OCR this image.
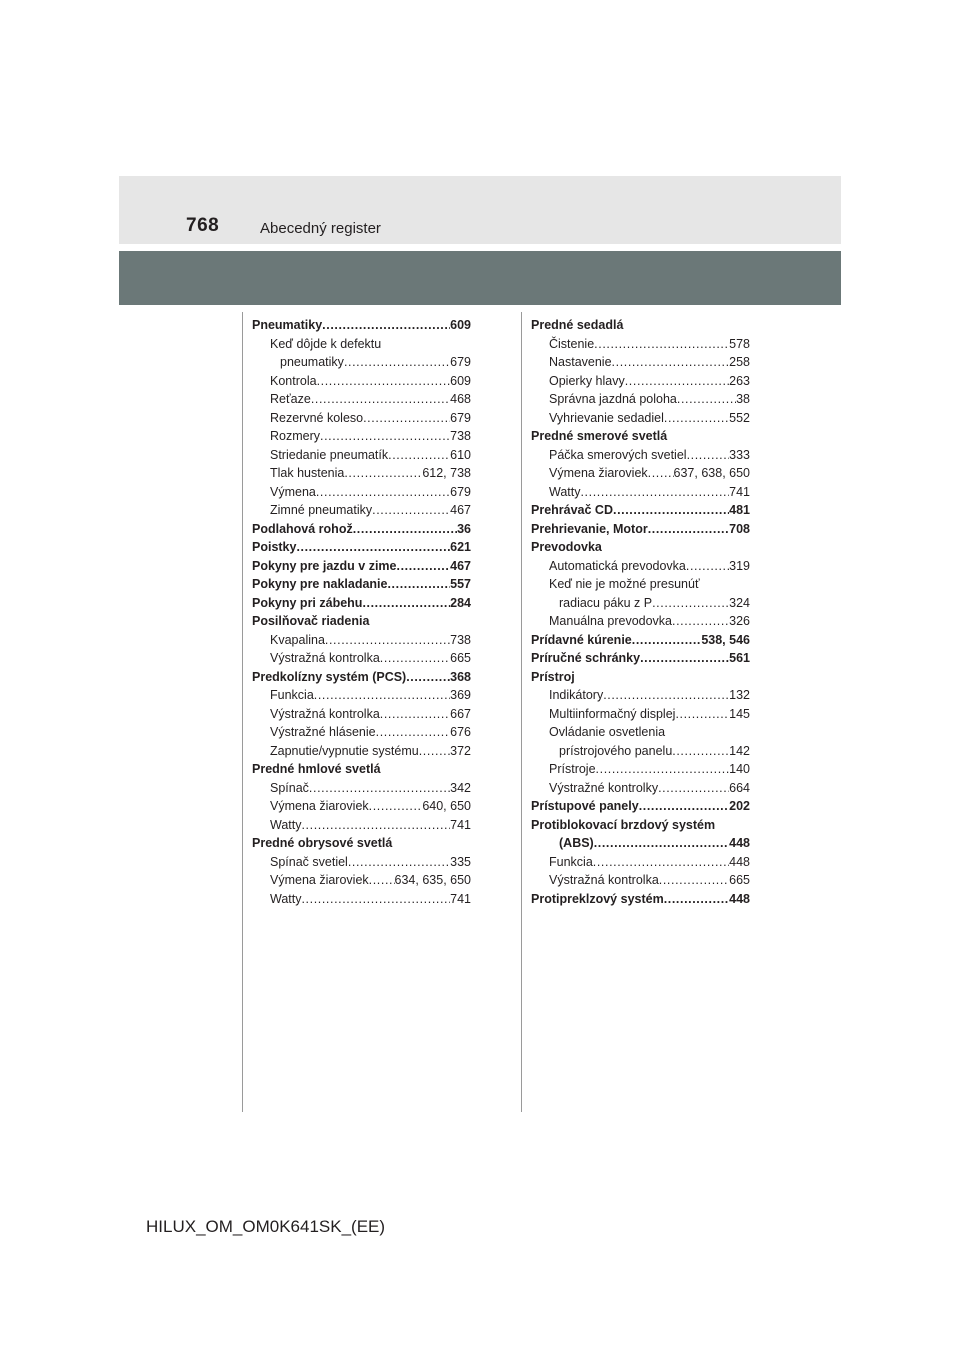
768	Abecedný register
Pneumatiky .....	609
Keď dôjde k defektu
pneumatiky .....	679
Kontrola .....	609
Reťaze .....	468
Rezervné koleso .....	679
Rozmery .....	738
Striedanie pneumatík .....	610
Tlak hustenia .....	612, 738
Výmena .....	679
Zimné pneumatiky .....	467
Podlahová rohož .....	36
Poistky .....	621
Pokyny pre jazdu v zime .....	467
Pokyny pre nakladanie .....	557
Pokyny pri zábehu .....	284
Posilňovač riadenia
Kvapalina .....	738
Výstražná kontrolka .....	665
Predkolízny systém (PCS) .....	368
Funkcia .....	369
Výstražná kontrolka .....	667
Výstražné hlásenie .....	676
Zapnutie/vypnutie systému .....	372
Predné hmlové svetlá
Spínač .....	342
Výmena žiaroviek .....	640, 650
Watty .....	741
Predné obrysové svetlá
Spínač svetiel .....	335
Výmena žiaroviek ..... 634, 635, 650
Watty .....	741
Predné sedadlá
Čistenie .....	578
Nastavenie .....	258
Opierky hlavy .....	263
Správna jazdná poloha .....	38
Vyhrievanie sedadiel .....	552
Predné smerové svetlá
Páčka smerových svetiel .....	333
Výmena žiaroviek ..... 637, 638, 650
Watty .....	741
Prehrávač CD .....	481
Prehrievanie, Motor .....	708
Prevodovka
Automatická prevodovka .....	319
Keď nie je možné presunúť
radiacu páku z P .....	324
Manuálna prevodovka .....	326
Prídavné kúrenie .....	538, 546
Príručné schránky .....	561
Prístroj
Indikátory .....	132
Multiinformačný displej .....	145
Ovládanie osvetlenia
prístrojového panelu .....	142
Prístroje .....	140
Výstražné kontrolky .....	664
Prístupové panely .....	202
Protiblokovací brzdový systém
(ABS) .....	448
Funkcia .....	448
Výstražná kontrolka .....	665
Protipreklzový systém .....	448
HILUX_OM_OM0K641SK_(EE)
